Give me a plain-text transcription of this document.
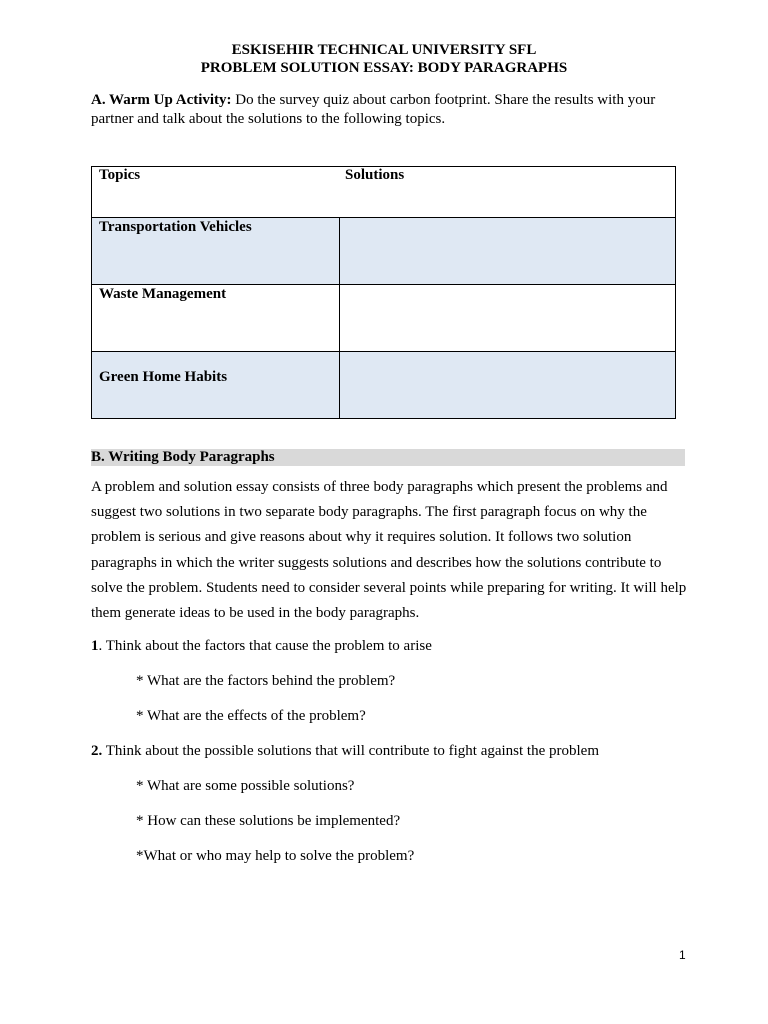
ESKISEHIR TECHNICAL UNIVERSITY SFL
PROBLEM SOLUTION ESSAY: BODY PARAGRAPHS
A. Warm Up Activity: Do the survey quiz about carbon footprint. Share the results with your partner and talk about the solutions to the following topics.
Topics Solutions	

Transportation Vehicles	

Waste Management	

Green Home Habits	

B. Writing Body Paragraphs
A problem and solution essay consists of three body paragraphs which present the problems and suggest two solutions in two separate body paragraphs. The first paragraph focus on why the problem is serious and give reasons about why it requires solution. It follows two solution paragraphs in which the writer suggests solutions and describes how the solutions contribute to solve the problem. Students need to consider several points while preparing for writing. It will help them generate ideas to be used in the body paragraphs.
1. Think about the factors that cause the problem to arise
* What are the factors behind the problem?
* What are the effects of the problem?
2. Think about the possible solutions that will contribute to fight against the problem
* What are some possible solutions?
* How can these solutions be implemented?
*What or who may help to solve the problem?
1
